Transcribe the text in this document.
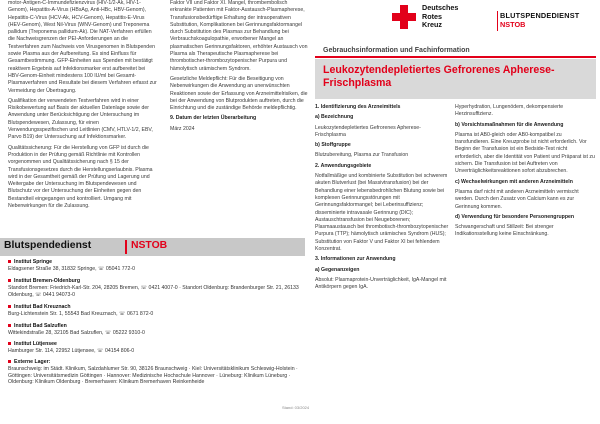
motor-Antigen-C-Immundefizienzvirus (HIV-1/2-Ak, HIV-1-Genom), Hepatitis-A-Virus (HBsAg, Anti-HBc, HBV-Genom), Hepatitis-C-Virus (HCV-Ak, HCV-Genom), Hepatitis-E-Virus (HEV-Genom), West Nil-Virus (WNV-Genom) und Treponema pallidum (Treponema pallidum-Ak). Die NAT-Verfahren erfüllen die Nachweisgrenzen der PEI-Anforderungen an die Testverfahren zum Nachweis von Virusgenomen in Blutspenden sowie Plasma aus der Aufbereitung. Es sind Einfluss für Gesamtbestimmung. GFP-Einheiten aus Spenden mit bestätigt reaktivem Ergebnis auf Infektionsmarker erst aufbereitet bei HBV-Genom-Einheit mindestens 100 IU/ml bei Gesamt-Plasmaverfahren und Resultate bei diesem Verfahren erfasst zur Vermeidung der Übertragung.

Qualifikation der verwendeten Testverfahren wird in einer Risikobewertung auf Basis der aktuellen Datenlage sowie der Anwendung unter Berücksichtigung der Untersuchung im Blutspendewesen, Zulassung, für einen Verwendungsspezifischen und Leitlinien (CMV, HTLV-1/2, EBV, Parvo B19) der Untersuchung auf Infektionsmarker.

Qualitätssicherung: Für die Herstellung von GFP ist durch die Produktion in der Prüfung gemäß Richtlinie mit Kontrollen vorgenommen und Qualitätssicherung nach § 15 der Transfusionsgesetzes durch die Herstellungserlaubnis. Plasma wird in der Gesamtheit gemäß der Prüfung und Lagerung und Weitergabe der Untersuchung im Blutspendewesen und Blutschutz vor der Untersuchung der Einheiten gegen den Bestandteil eingegangen und kontrolliert. Umgang mit Nebenwirkungen für die Zulassung.

Faktor VII und Faktor XI. Mangel, thrombembolisch erkrankte Patienten mit Faktor-Austausch-Plasmapherese, Transfusionsbedürftige Erhaltung der intraoperativen Substitution, Komplikationen bei Gerinnungsfaktormangel durch Substitution des Plasmas zur Behandlung bei Verbrauchskoagulopathie, erworbener Mangel an plasmatischen Gerinnungsfaktoren, erhöhter Austausch von Plasma als Therapeutische Plasmapherese bei thrombotischer-thrombozytopenischer Purpura und hämolytisch urämischem Syndrom.

Gesetzliche Meldepflicht: Für die Beseitigung von Nebenwirkungen die Anwendung an unerwünschten Reaktionen sowie der Erfassung von Arzneimittelrisiken, die bei der Anwendung von Blutprodukten auftreten, durch die Einrichtung und die zuständige Behörde meldepflichtig.

9. Datum der letzten Überarbeitung

März 2024

Deutsches
Rotes
Kreuz
BLUTSPENDEDIENST
NSTOB
Gebrauchsinformation und Fachinformation
Leukozytendepletiertes Gefrorenes Apherese-Frischplasma

1. Identifizierung des Arzneimittels

a) Bezeichnung

Leukozytendepletiertes Gefrorenes Apherese-Frischplasma

b) Stoffgruppe

Blutzubereitung, Plasma zur Transfusion

2. Anwendungsgebiete

Notfallmäßige und kombinierte Substitution bei schwerem akuten Blutverlust (bei Massivtransfusion) bei der Behandlung einer lebensbedrohlichen Blutung sowie bei komplexen Gerinnungsstörungen mit Gerinnungsfaktormangel; bei Leberinsuffizienz; disseminierte intravasale Gerinnung (DIC); Austauschtransfusion bei Neugeborenen; Plasmaaustausch bei thrombotisch-thrombozytopenischer Purpura (TTP); hämolytisch urämisches Syndrom (HUS); Substitution von Faktor V und Faktor XI bei fehlendem Konzentrat.

3. Informationen zur Anwendung

a) Gegenanzeigen

Absolut: Plasmaprotein-Unverträglichkeit, IgA-Mangel mit Antikörpern gegen IgA.

Hyperhydration, Lungenödem, dekompensierte Herzinsuffizienz.

b) Vorsichtsmaßnahmen für die Anwendung

Plasma ist AB0-gleich oder AB0-kompatibel zu transfundieren. Eine Kreuzprobe ist nicht erforderlich. Vor Beginn der Transfusion ist ein Bedside-Test nicht erforderlich, aber die Identität von Patient und Präparat ist zu sichern. Die Transfusion ist bei Auftreten von Unverträglichkeitsreaktionen sofort abzubrechen.

c) Wechselwirkungen mit anderen Arzneimitteln

Plasma darf nicht mit anderen Arzneimitteln vermischt werden. Durch den Zusatz von Calcium kann es zur Gerinnung kommen.

d) Verwendung für besondere Personengruppen

Schwangerschaft und Stillzeit: Bei strenger Indikationsstellung keine Einschränkung.

Blutspendedienst	NSTOB
Institut Springe
Eldagsener Straße 38, 31832 Springe, ☏ 05041 772-0
Institut Bremen-Oldenburg
Standort Bremen: Friedrich-Karl-Str. 204, 28205 Bremen, ☏ 0421 4007-0 · Standort Oldenburg: Brandenburger Str. 21, 26133 Oldenburg, ☏ 0441 94073-0
Institut Bad Kreuznach
Burg-Lichtenstein Str. 1, 55543 Bad Kreuznach, ☏ 0671 872-0
Institut Bad Salzuflen
Wittekindstraße 28, 32105 Bad Salzuflen, ☏ 05222 9310-0
Institut Lütjensee
Hamburger Str. 114, 22952 Lütjensee, ☏ 04154 806-0
Externe Lager:
Braunschweig: im Städt. Klinikum, Salzdahlumer Str. 90, 38126 Braunschweig · Kiel: Universitätsklinikum Schleswig-Holstein · Göttingen: Universitätsmedizin Göttingen · Hannover: Medizinische Hochschule Hannover · Lüneburg: Klinikum Lüneburg · Oldenburg: Klinikum Oldenburg · Bremerhaven: Klinikum Bremerhaven Reinkenheide
Stand: 03/2024
